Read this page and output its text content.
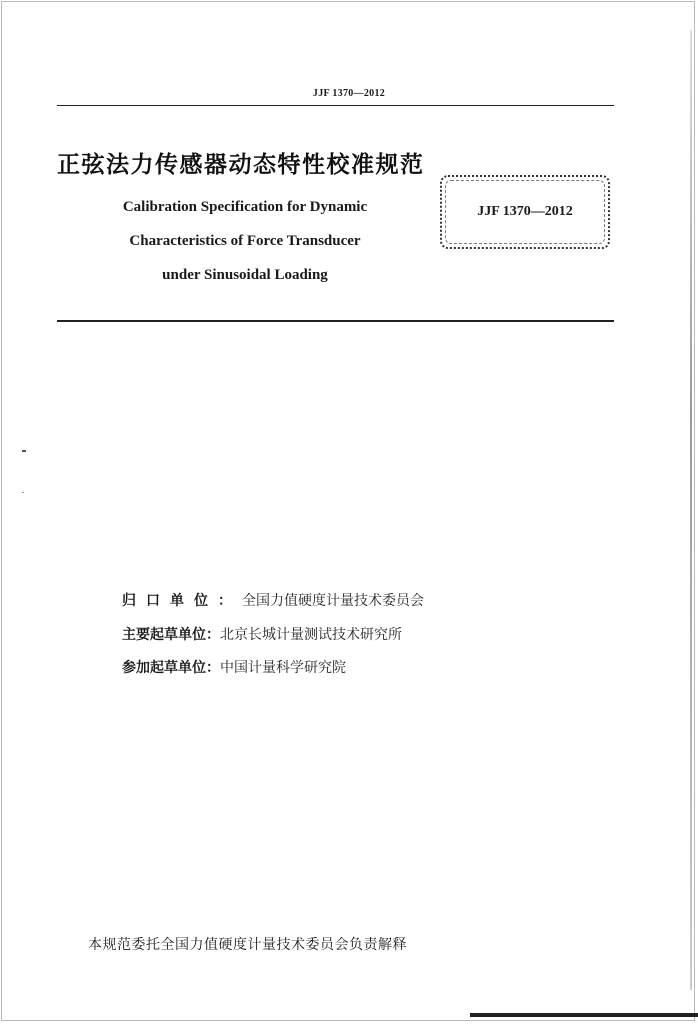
JJF 1370—2012
正弦法力传感器动态特性校准规范
Calibration Specification for Dynamic
Characteristics of Force Transducer
under Sinusoidal Loading
JJF 1370—2012
归口单位：全国力值硬度计量技术委员会
主要起草单位：北京长城计量测试技术研究所
参加起草单位：中国计量科学研究院
本规范委托全国力值硬度计量技术委员会负责解释
